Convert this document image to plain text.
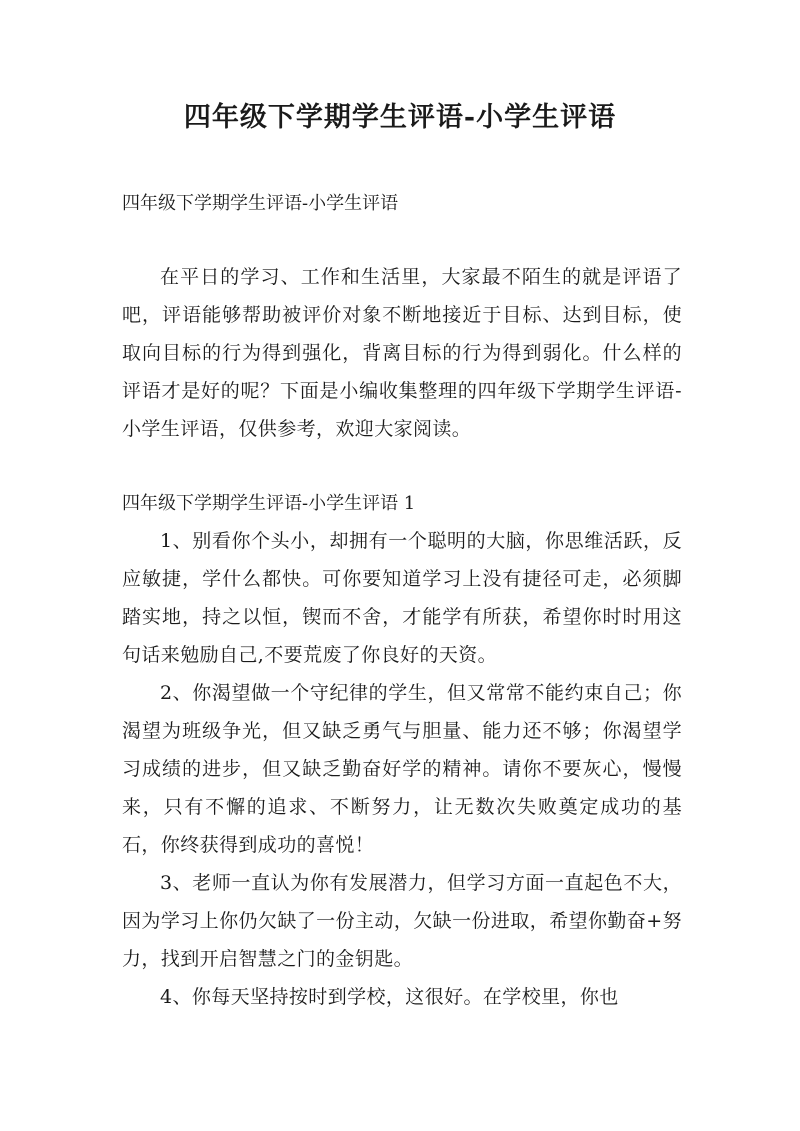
四年级下学期学生评语-小学生评语
四年级下学期学生评语-小学生评语

在平日的学习、工作和生活里，大家最不陌生的就是评语了吧，评语能够帮助被评价对象不断地接近于目标、达到目标，使取向目标的行为得到强化，背离目标的行为得到弱化。什么样的评语才是好的呢？下面是小编收集整理的四年级下学期学生评语-小学生评语，仅供参考，欢迎大家阅读。

四年级下学期学生评语-小学生评语 1

1、别看你个头小，却拥有一个聪明的大脑，你思维活跃，反应敏捷，学什么都快。可你要知道学习上没有捷径可走，必须脚踏实地，持之以恒，锲而不舍，才能学有所获，希望你时时用这句话来勉励自己,不要荒废了你良好的天资。

2、你渴望做一个守纪律的学生，但又常常不能约束自己；你渴望为班级争光，但又缺乏勇气与胆量、能力还不够；你渴望学习成绩的进步，但又缺乏勤奋好学的精神。请你不要灰心，慢慢来，只有不懈的追求、不断努力，让无数次失败奠定成功的基石，你终获得到成功的喜悦！

3、老师一直认为你有发展潜力，但学习方面一直起色不大，因为学习上你仍欠缺了一份主动，欠缺一份进取，希望你勤奋+努力，找到开启智慧之门的金钥匙。

4、你每天坚持按时到学校，这很好。在学校里，你也
